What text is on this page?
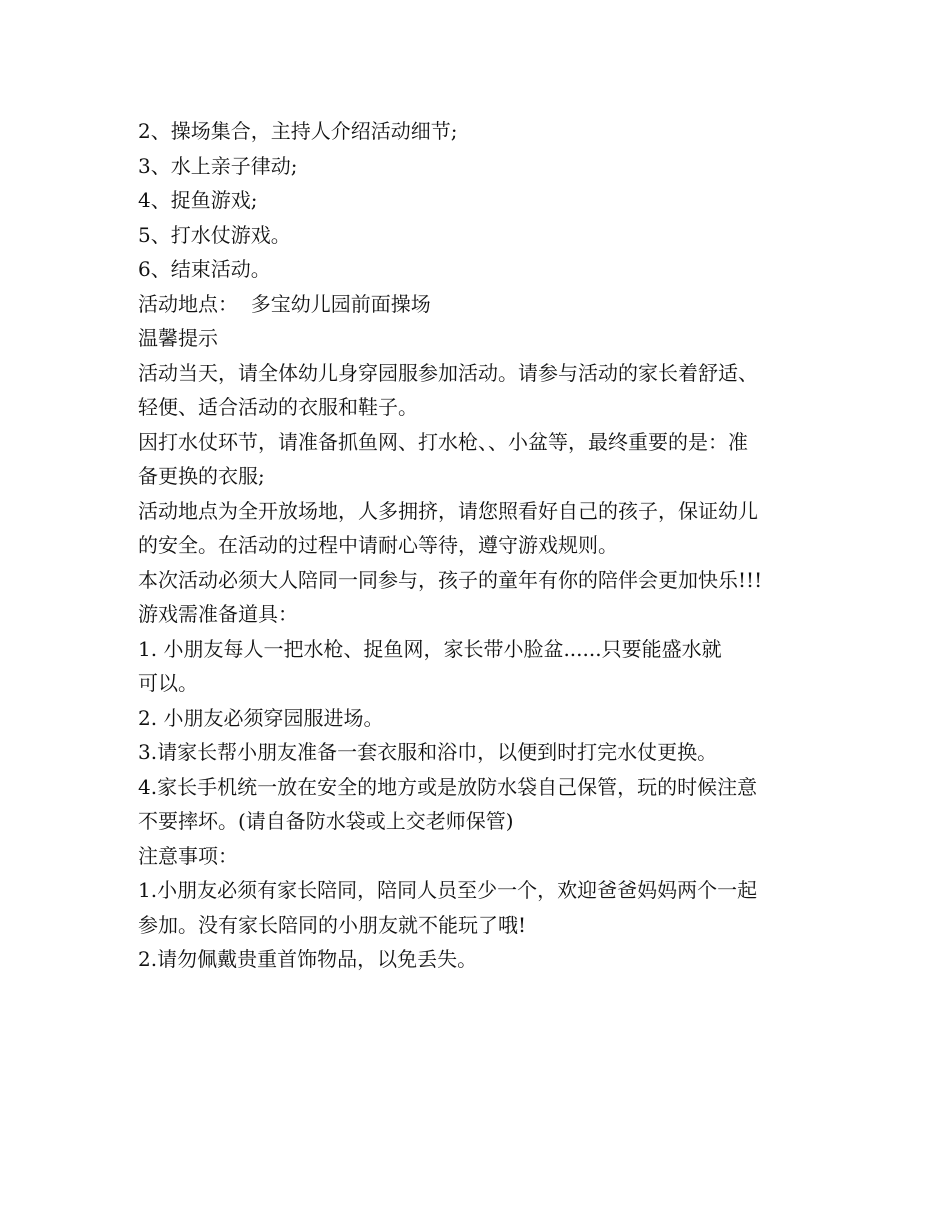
2、操场集合，主持人介绍活动细节;

3、水上亲子律动;

4、捉鱼游戏;

5、打水仗游戏。

6、结束活动。

活动地点：  多宝幼儿园前面操场

温馨提示

活动当天，请全体幼儿身穿园服参加活动。请参与活动的家长着舒适、

轻便、适合活动的衣服和鞋子。

因打水仗环节，请准备抓鱼网、打水枪、、小盆等，最终重要的是：准

备更换的衣服;

活动地点为全开放场地，人多拥挤，请您照看好自己的孩子，保证幼儿

的安全。在活动的过程中请耐心等待，遵守游戏规则。

本次活动必须大人陪同一同参与，孩子的童年有你的陪伴会更加快乐!!!

游戏需准备道具：

1. 小朋友每人一把水枪、捉鱼网，家长带小脸盆......只要能盛水就

可以。

2. 小朋友必须穿园服进场。

3.请家长帮小朋友准备一套衣服和浴巾，以便到时打完水仗更换。

4.家长手机统一放在安全的地方或是放防水袋自己保管，玩的时候注意

不要摔坏。(请自备防水袋或上交老师保管)

注意事项：

1.小朋友必须有家长陪同，陪同人员至少一个，欢迎爸爸妈妈两个一起

参加。没有家长陪同的小朋友就不能玩了哦!

2.请勿佩戴贵重首饰物品，以免丢失。
